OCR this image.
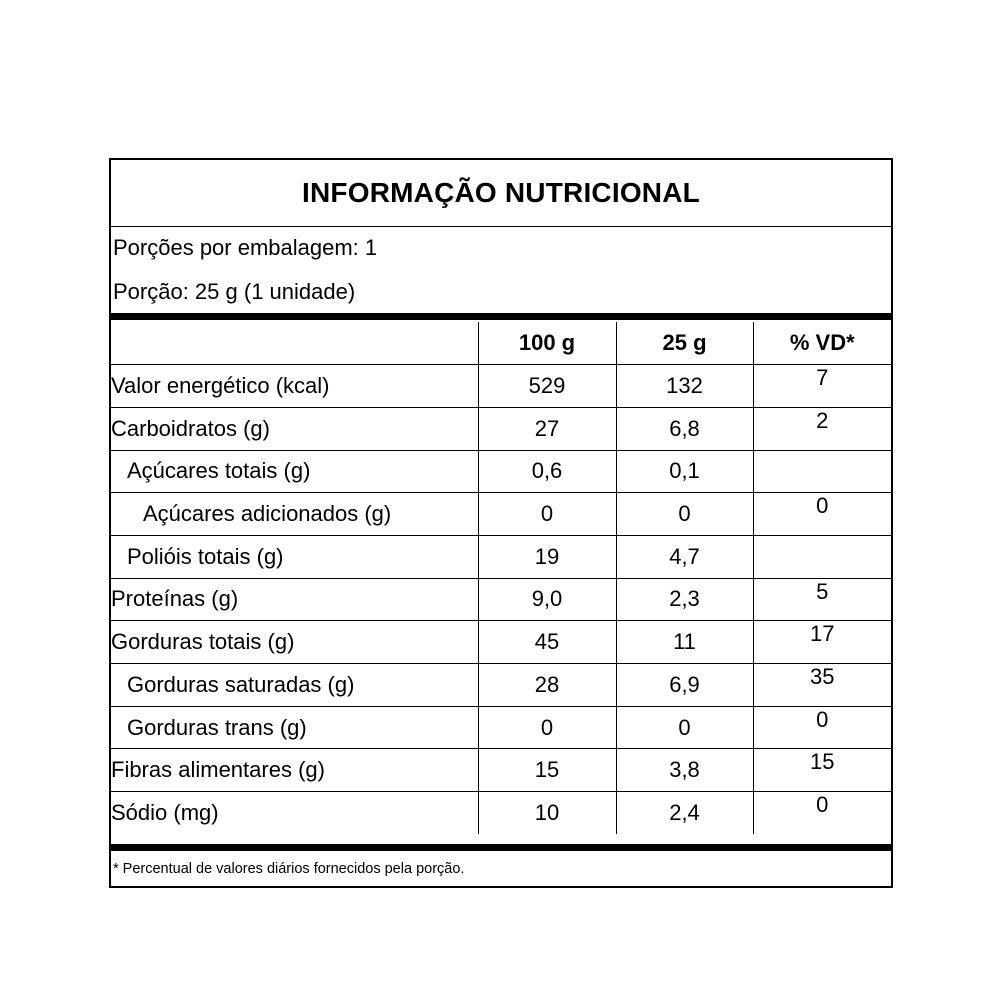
INFORMAÇÃO NUTRICIONAL
Porções por embalagem: 1
Porção: 25 g (1 unidade)
	100 g	25 g	% VD*
Valor energético (kcal)	529	132	7
Carboidratos (g)	27	6,8	2
Açúcares totais (g)	0,6	0,1	
Açúcares adicionados (g)	0	0	0
Polióis totais (g)	19	4,7	
Proteínas (g)	9,0	2,3	5
Gorduras totais (g)	45	11	17
Gorduras saturadas (g)	28	6,9	35
Gorduras trans (g)	0	0	0
Fibras alimentares (g)	15	3,8	15
Sódio (mg)	10	2,4	0
* Percentual de valores diários fornecidos pela porção.
